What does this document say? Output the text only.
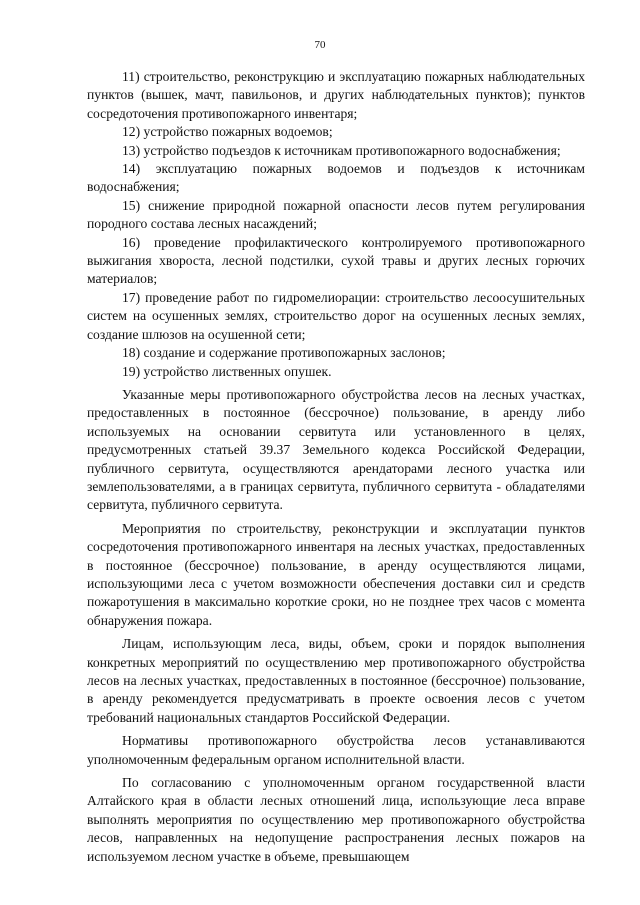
70

11) строительство, реконструкцию и эксплуатацию пожарных наблюдательных пунктов (вышек, мачт, павильонов, и других наблюдательных пунктов); пунктов сосредоточения противопожарного инвентаря;

12) устройство пожарных водоемов;

13) устройство подъездов к источникам противопожарного водоснабжения;

14) эксплуатацию пожарных водоемов и подъездов к источникам водоснабжения;

15) снижение природной пожарной опасности лесов путем регулирования породного состава лесных насаждений;

16) проведение профилактического контролируемого противопожарного выжигания хвороста, лесной подстилки, сухой травы и других лесных горючих материалов;

17) проведение работ по гидромелиорации: строительство лесоосушительных систем на осушенных землях, строительство дорог на осушенных лесных землях, создание шлюзов на осушенной сети;

18) создание и содержание противопожарных заслонов;

19) устройство лиственных опушек.

Указанные меры противопожарного обустройства лесов на лесных участках, предоставленных в постоянное (бессрочное) пользование, в аренду либо используемых на основании сервитута или установленного в целях, предусмотренных статьей 39.37 Земельного кодекса Российской Федерации, публичного сервитута, осуществляются арендаторами лесного участка или землепользователями, а в границах сервитута, публичного сервитута - обладателями сервитута, публичного сервитута.

Мероприятия по строительству, реконструкции и эксплуатации пунктов сосредоточения противопожарного инвентаря на лесных участках, предоставленных в постоянное (бессрочное) пользование, в аренду осуществляются лицами, использующими леса с учетом возможности обеспечения доставки сил и средств пожаротушения в максимально короткие сроки, но не позднее трех часов с момента обнаружения пожара.

Лицам, использующим леса, виды, объем, сроки и порядок выполнения конкретных мероприятий по осуществлению мер противопожарного обустройства лесов на лесных участках, предоставленных в постоянное (бессрочное) пользование, в аренду рекомендуется предусматривать в проекте освоения лесов с учетом требований национальных стандартов Российской Федерации.

Нормативы противопожарного обустройства лесов устанавливаются уполномоченным федеральным органом исполнительной власти.

По согласованию с уполномоченным органом государственной власти Алтайского края в области лесных отношений лица, использующие леса вправе выполнять мероприятия по осуществлению мер противопожарного обустройства лесов, направленных на недопущение распространения лесных пожаров на используемом лесном участке в объеме, превышающем
